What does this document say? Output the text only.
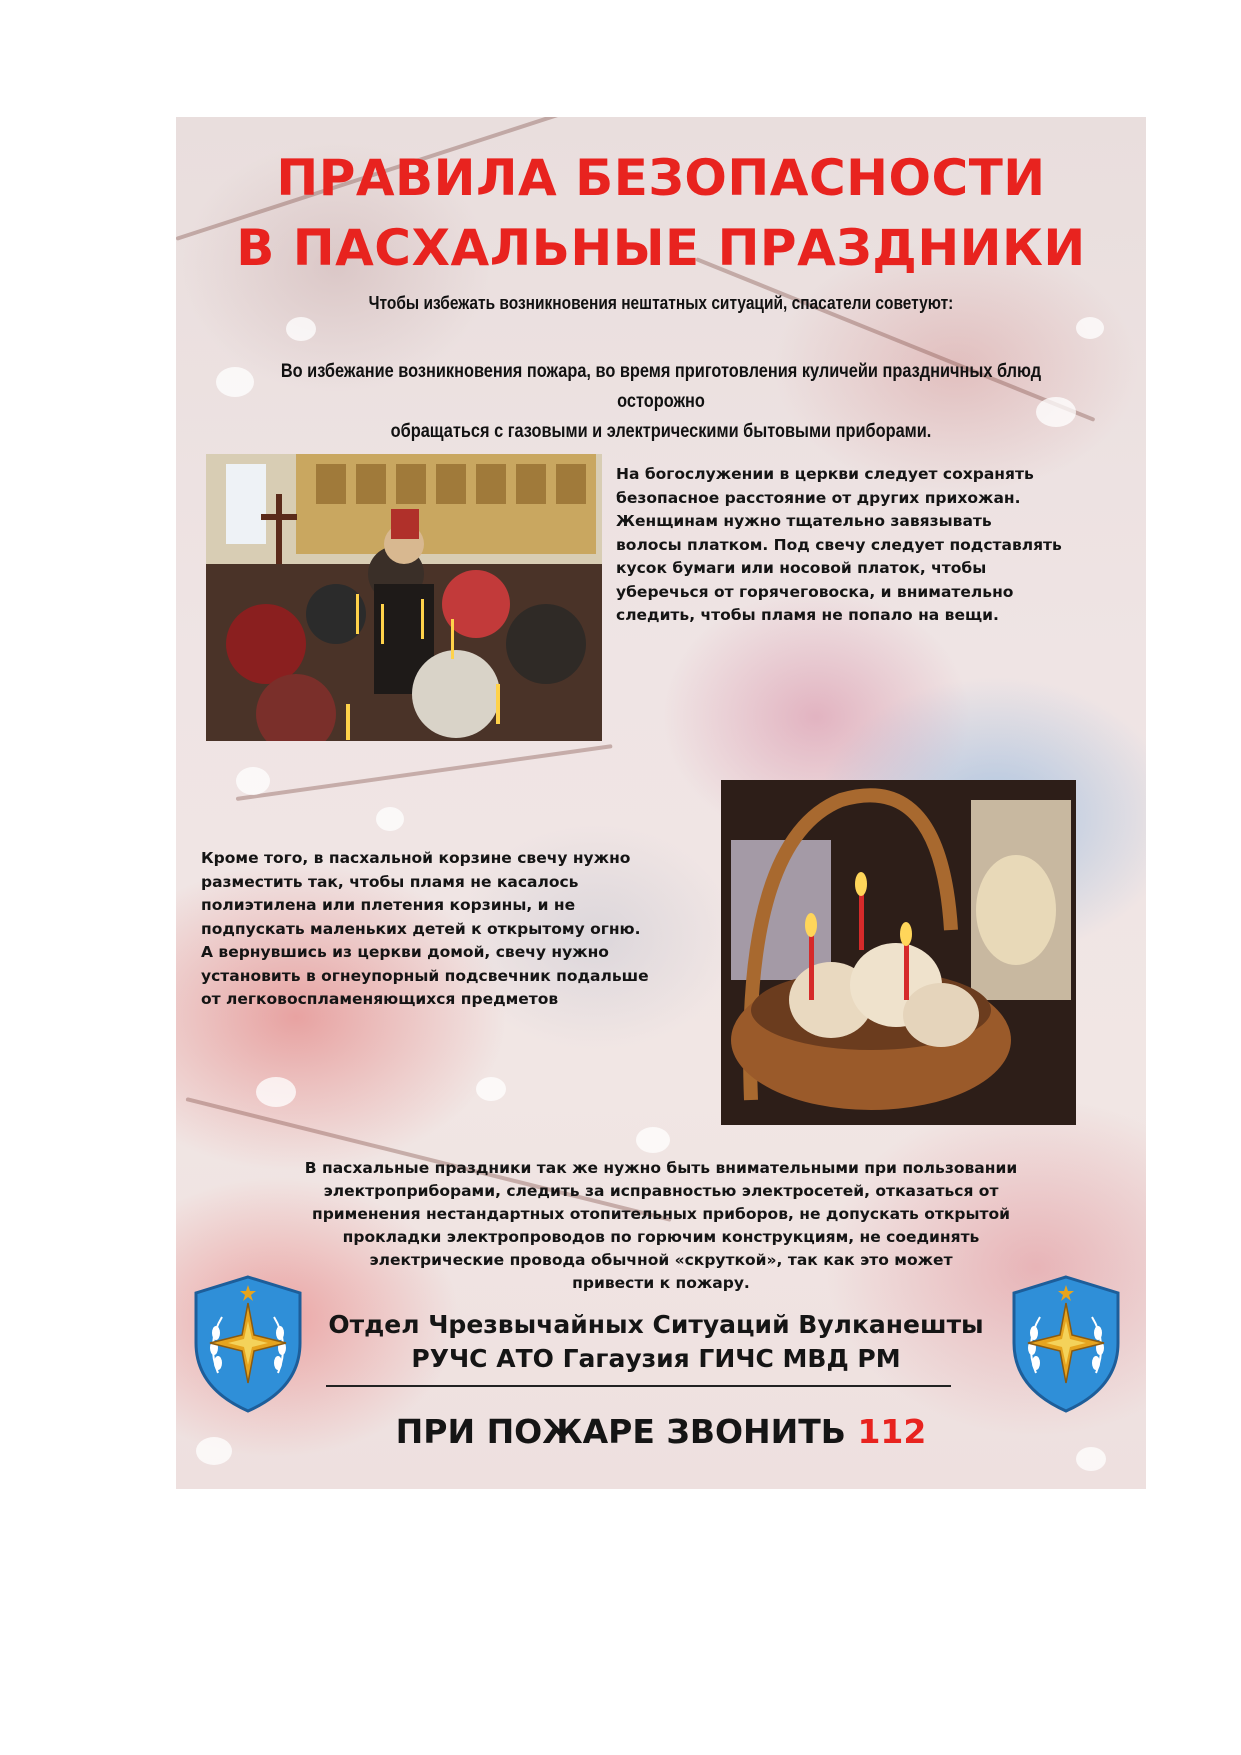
ПРАВИЛА БЕЗОПАСНОСТИ
В ПАСХАЛЬНЫЕ ПРАЗДНИКИ
Чтобы избежать возникновения нештатных ситуаций, спасатели советуют:
Во избежание возникновения пожара, во время приготовления куличейи праздничных блюд осторожно
обращаться с газовыми и электрическими бытовыми приборами.
На богослужении в церкви следует сохранять
безопасное расстояние от других прихожан.
Женщинам нужно тщательно завязывать
волосы платком. Под свечу следует подставлять
кусок бумаги или носовой платок, чтобы
уберечься от горячеговоска, и внимательно
следить, чтобы пламя не попало на вещи.
Кроме того, в пасхальной корзине свечу нужно
разместить так, чтобы пламя не касалось
полиэтилена или плетения корзины, и не
подпускать маленьких детей к открытому огню.
А вернувшись из церкви домой, свечу нужно
установить в огнеупорный подсвечник подальше
от легковоспламеняющихся предметов
В пасхальные праздники так же нужно быть внимательными при пользовании
электроприборами, следить за исправностью электросетей, отказаться от
применения нестандартных отопительных приборов, не допускать открытой
прокладки электропроводов по горючим конструкциям, не соединять
электрические провода обычной «скруткой», так как это может
привести к пожару.
Отдел Чрезвычайных Ситуаций Вулканешты
РУЧС АТО Гагаузия ГИЧС МВД РМ
ПРИ ПОЖАРЕ ЗВОНИТЬ 112
